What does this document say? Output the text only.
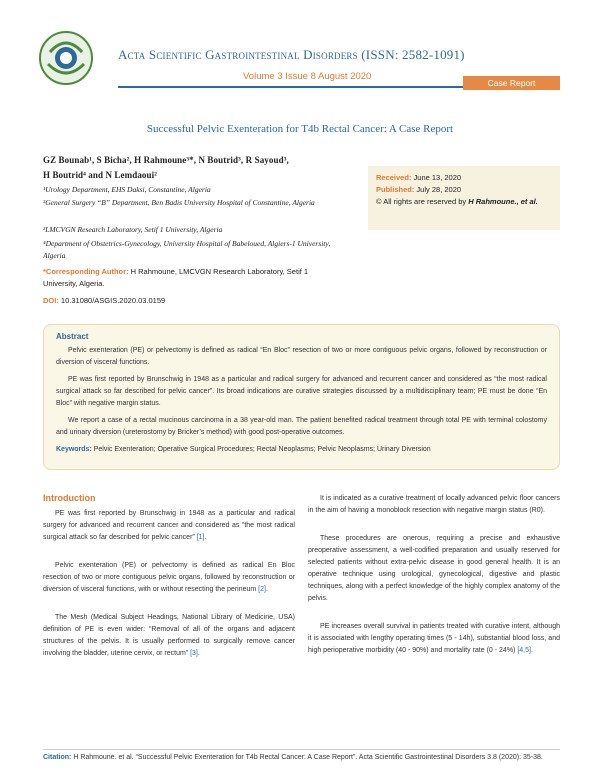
Acta Scientific Gastrointestinal Disorders (ISSN: 2582-1091)
Volume 3 Issue 8 August 2020
Case Report
Successful Pelvic Exenteration for T4b Rectal Cancer: A Case Report
GZ Bounab¹, S Bicha², H Rahmoune³*, N Boutrid³, R Sayoud³,
H Boutrid⁴ and N Lemdaoui²
¹Urology Department, EHS Daksi, Constantine, Algeria
²General Surgery “B” Department, Ben Badis University Hospital of Constantine, Algeria
³LMCVGN Research Laboratory, Setif 1 University, Algeria
⁴Department of Obstetrics-Gynecology, University Hospital of Babeloued, Algiers-1 University, Algeria
*Corresponding Author: H Rahmoune, LMCVGN Research Laboratory, Setif 1 University, Algeria.
DOI: 10.31080/ASGIS.2020.03.0159
Received: June 13, 2020
Published: July 28, 2020
© All rights are reserved by H Rahmoune., et al.
Abstract

Pelvic exenteration (PE) or pelvectomy is defined as radical “En Bloc” resection of two or more contiguous pelvic organs, followed by reconstruction or diversion of visceral functions.

PE was first reported by Brunschwig in 1948 as a particular and radical surgery for advanced and recurrent cancer and considered as “the most radical surgical attack so far described for pelvic cancer”. Its broad indications are curative strategies discussed by a multidisciplinary team; PE must be done “En Bloc” with negative margin status.

We report a case of a rectal mucinous carcinoma in a 38 year-old man. The patient benefited radical treatment through total PE with terminal colostomy and urinary diversion (ureterostomy by Bricker’s method) with good post-operative outcomes.

Keywords: Pelvic Exenteration; Operative Surgical Procedures; Rectal Neoplasms; Pelvic Neoplasms; Urinary Diversion
Introduction

PE was first reported by Brunschwig in 1948 as a particular and radical surgery for advanced and recurrent cancer and considered as “the most radical surgical attack so far described for pelvic cancer” [1].

Pelvic exenteration (PE) or pelvectomy is defined as radical En Bloc resection of two or more contiguous pelvic organs, followed by reconstruction or diversion of visceral functions, with or without resecting the perineum [2].

The Mesh (Medical Subject Headings, National Library of Medicine, USA) definition of PE is even wider: “Removal of all of the organs and adjacent structures of the pelvis. It is usually performed to surgically remove cancer involving the bladder, uterine cervix, or rectum” [3].

It is indicated as a curative treatment of locally advanced pelvic floor cancers in the aim of having a monoblock resection with negative margin status (R0).

These procedures are onerous, requiring a precise and exhaustive preoperative assessment, a well-codified preparation and usually reserved for selected patients without extra-pelvic disease in good general health. It is an operative technique using urological, gynecological, digestive and plastic techniques, along with a perfect knowledge of the highly complex anatomy of the pelvis.

PE increases overall survival in patients treated with curative intent, although it is associated with lengthy operating times (5 - 14h), substantial blood loss, and high perioperative morbidity (40 - 90%) and mortality rate (0 - 24%) [4,5].

Citation: H Rahmoune. et al. “Successful Pelvic Exenteration for T4b Rectal Cancer: A Case Report”. Acta Scientific Gastrointestinal Disorders 3.8 (2020): 35-38.
